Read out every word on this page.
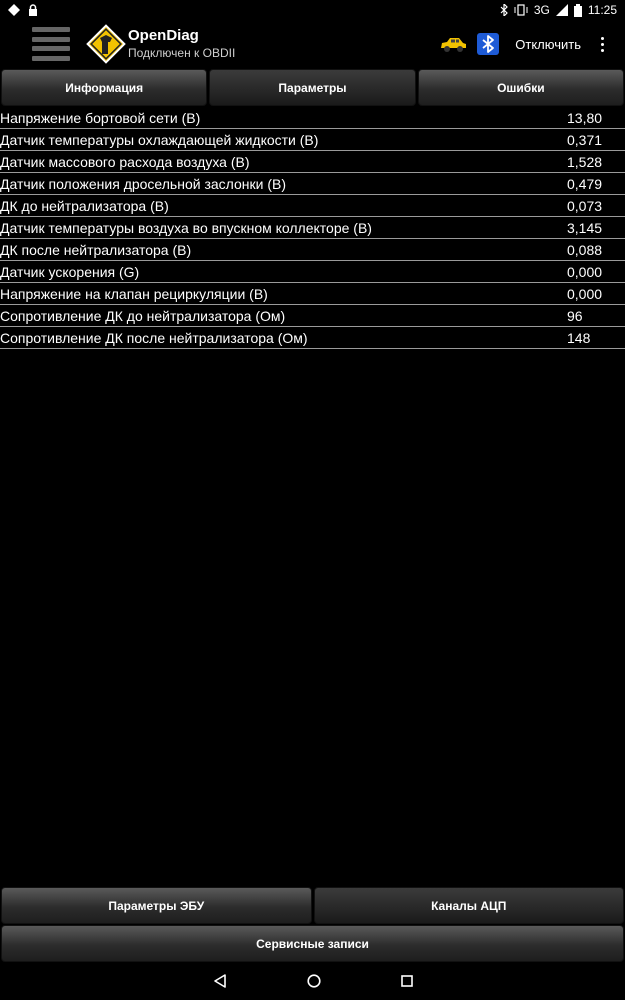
3G	11:25
OpenDiag
Подключен к OBDII
Отключить
Информация	Параметры	Ошибки
Напряжение бортовой сети (В)	13,80
Датчик температуры охлаждающей жидкости (В)	0,371
Датчик массового расхода воздуха (В)	1,528
Датчик положения дросельной заслонки (В)	0,479
ДК до нейтрализатора (В)	0,073
Датчик температуры воздуха во впускном коллекторе (В)	3,145
ДК после нейтрализатора (В)	0,088
Датчик ускорения (G)	0,000
Напряжение на клапан рециркуляции (В)	0,000
Сопротивление ДК до нейтрализатора (Ом)	96
Сопротивление ДК после нейтрализатора (Ом)	148
Параметры ЭБУ	Каналы АЦП
Сервисные записи
